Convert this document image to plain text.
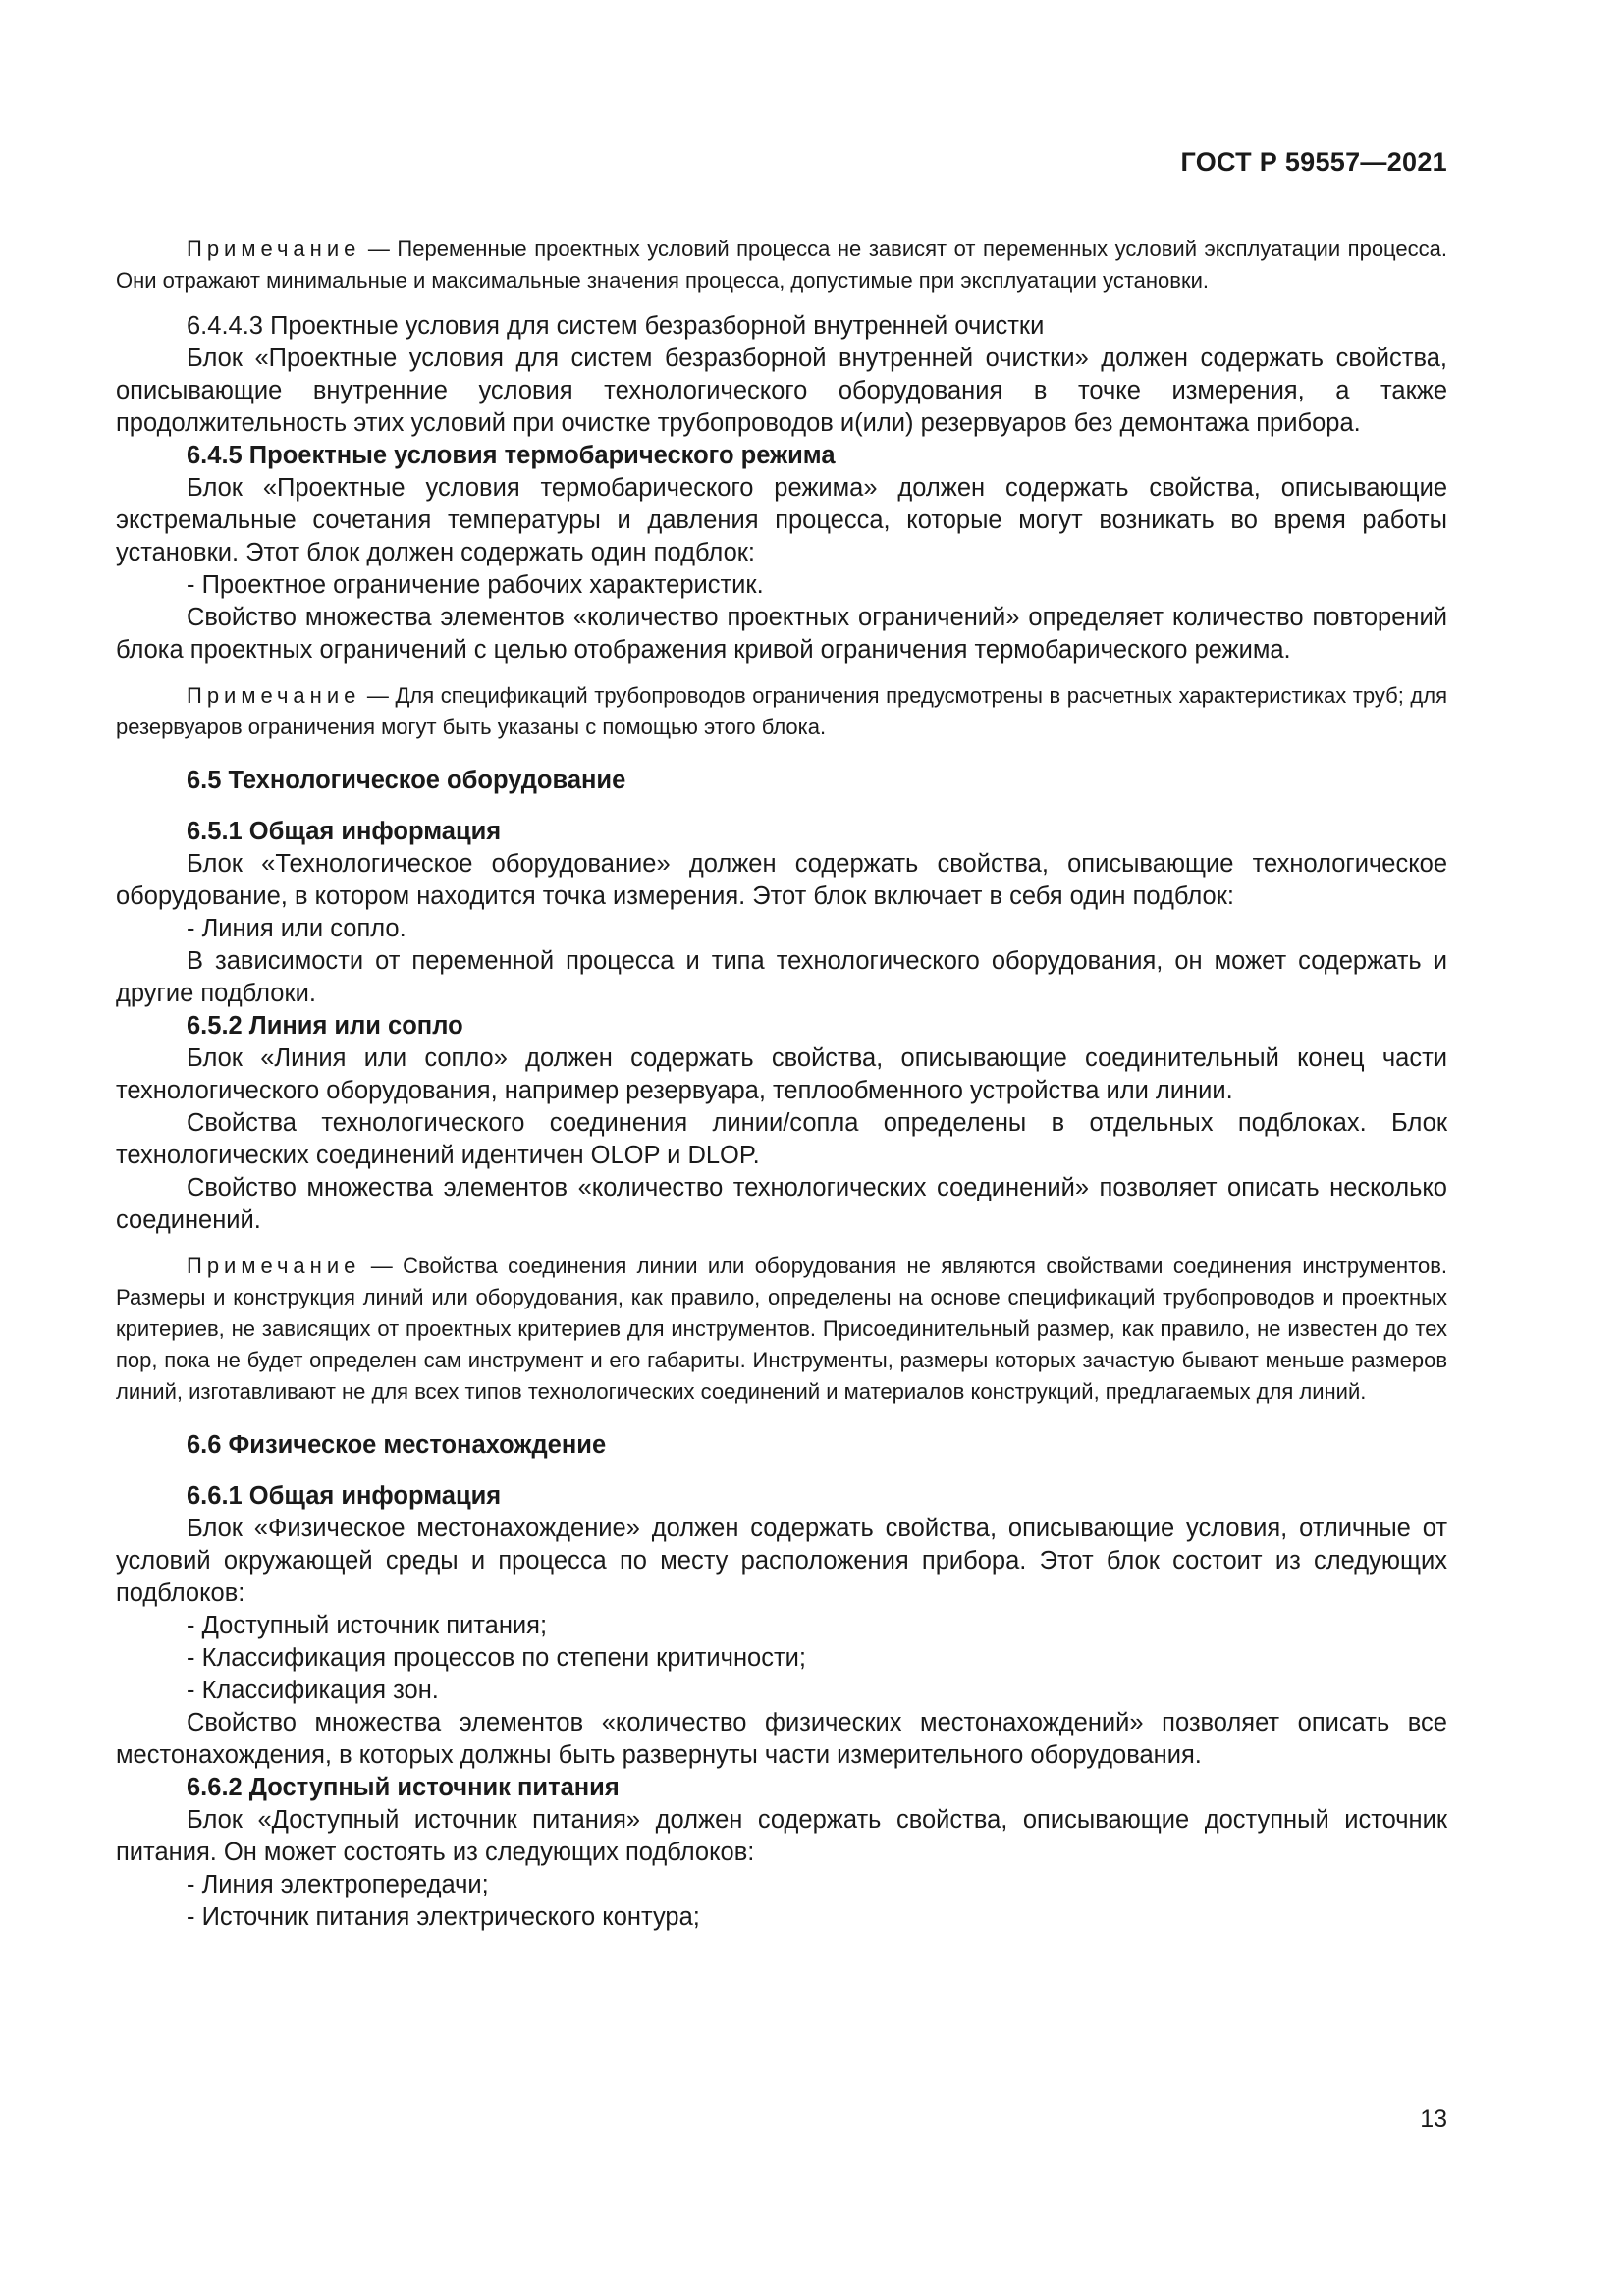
ГОСТ Р 59557—2021
Примечание — Переменные проектных условий процесса не зависят от переменных условий эксплуатации процесса. Они отражают минимальные и максимальные значения процесса, допустимые при эксплуатации установки.

6.4.4.3 Проектные условия для систем безразборной внутренней очистки

Блок «Проектные условия для систем безразборной внутренней очистки» должен содержать свойства, описывающие внутренние условия технологического оборудования в точке измерения, а также продолжительность этих условий при очистке трубопроводов и(или) резервуаров без демонтажа прибора.

6.4.5 Проектные условия термобарического режима

Блок «Проектные условия термобарического режима» должен содержать свойства, описывающие экстремальные сочетания температуры и давления процесса, которые могут возникать во время работы установки. Этот блок должен содержать один подблок:

- Проектное ограничение рабочих характеристик.

Свойство множества элементов «количество проектных ограничений» определяет количество повторений блока проектных ограничений с целью отображения кривой ограничения термобарического режима.

Примечание — Для спецификаций трубопроводов ограничения предусмотрены в расчетных характеристиках труб; для резервуаров ограничения могут быть указаны с помощью этого блока.
6.5 Технологическое оборудование
6.5.1 Общая информация

Блок «Технологическое оборудование» должен содержать свойства, описывающие технологическое оборудование, в котором находится точка измерения. Этот блок включает в себя один подблок:

- Линия или сопло.

В зависимости от переменной процесса и типа технологического оборудования, он может содержать и другие подблоки.

6.5.2 Линия или сопло

Блок «Линия или сопло» должен содержать свойства, описывающие соединительный конец части технологического оборудования, например резервуара, теплообменного устройства или линии.

Свойства технологического соединения линии/сопла определены в отдельных подблоках. Блок технологических соединений идентичен OLOP и DLOP.

Свойство множества элементов «количество технологических соединений» позволяет описать несколько соединений.

Примечание — Свойства соединения линии или оборудования не являются свойствами соединения инструментов. Размеры и конструкция линий или оборудования, как правило, определены на основе спецификаций трубопроводов и проектных критериев, не зависящих от проектных критериев для инструментов. Присоединительный размер, как правило, не известен до тех пор, пока не будет определен сам инструмент и его габариты. Инструменты, размеры которых зачастую бывают меньше размеров линий, изготавливают не для всех типов технологических соединений и материалов конструкций, предлагаемых для линий.
6.6 Физическое местонахождение
6.6.1 Общая информация

Блок «Физическое местонахождение» должен содержать свойства, описывающие условия, отличные от условий окружающей среды и процесса по месту расположения прибора. Этот блок состоит из следующих подблоков:

- Доступный источник питания;

- Классификация процессов по степени критичности;

- Классификация зон.

Свойство множества элементов «количество физических местонахождений» позволяет описать все местонахождения, в которых должны быть развернуты части измерительного оборудования.

6.6.2 Доступный источник питания

Блок «Доступный источник питания» должен содержать свойства, описывающие доступный источник питания. Он может состоять из следующих подблоков:

- Линия электропередачи;

- Источник питания электрического контура;

13
